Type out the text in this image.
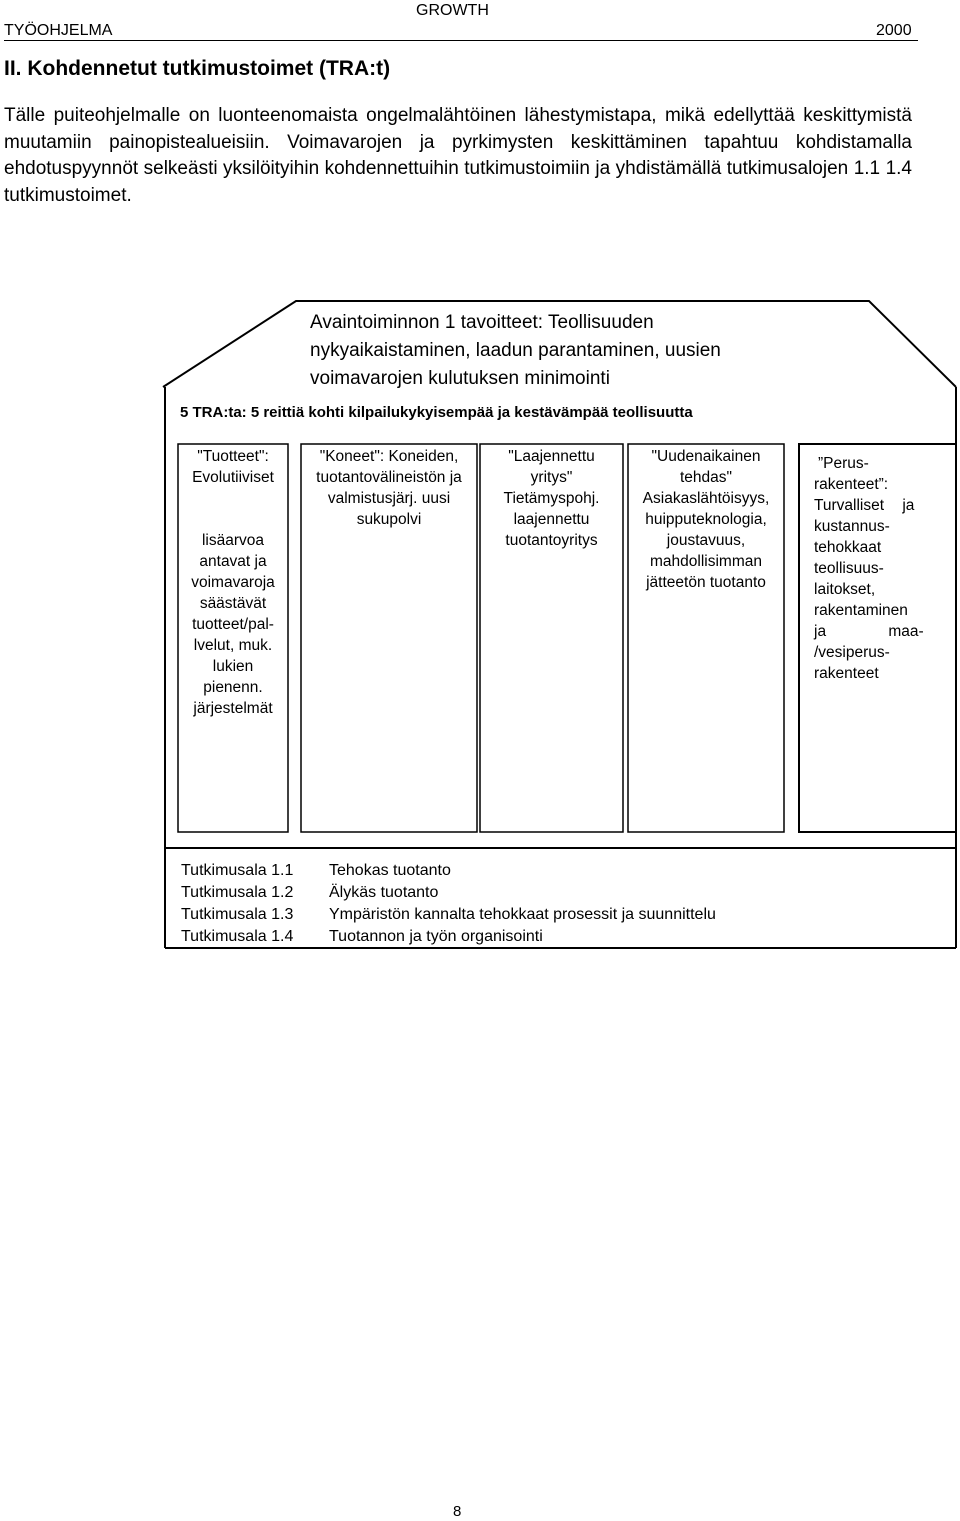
TYÖOHJELMA
GROWTH
2000
II. Kohdennetut tutkimustoimet (TRA:t)
Tälle puiteohjelmalle on luonteenomaista ongelmalähtöinen lähestymistapa, mikä edellyttää keskittymistä muutamiin painopistealueisiin. Voimavarojen ja pyrkimysten keskittäminen tapahtuu kohdistamalla ehdotuspyynnöt selkeästi yksilöityihin kohdennettuihin tutkimustoimiin ja yhdistämällä tutkimusalojen 1.1 1.4 tutkimustoimet.
Avaintoiminnon 1 tavoitteet: Teollisuuden nykyaikaistaminen, laadun parantaminen, uusien voimavarojen kulutuksen minimointi
5 TRA:ta: 5 reittiä kohti kilpailukykyisempää ja kestävämpää teollisuutta
"Tuotteet":
Evolutiiviset
lisäarvoa
antavat ja
voimavaroja
säästävät
tuotteet/pal-
lvelut, muk.
lukien
pienenn.
järjestelmät
"Koneet": Koneiden,
tuotantovälineistön ja
valmistusjärj. uusi
sukupolvi
"Laajennettu
yritys"
Tietämyspohj.
laajennettu
tuotantoyritys
"Uudenaikainen
tehdas"
Asiakaslähtöisyys,
huipputeknologia,
joustavuus,
mahdollisimman
jätteetön tuotanto
”Perus-
rakenteet”:
Turvalliset ja
kustannus-
tehokkaat
teollisuus-
laitokset,
rakentaminen
ja maa-
/vesiperus-
rakenteet
Tutkimusala 1.1 Tehokas tuotanto
Tutkimusala 1.2 Älykäs tuotanto
Tutkimusala 1.3 Ympäristön kannalta tehokkaat prosessit ja suunnittelu
Tutkimusala 1.4 Tuotannon ja työn organisointi
8
